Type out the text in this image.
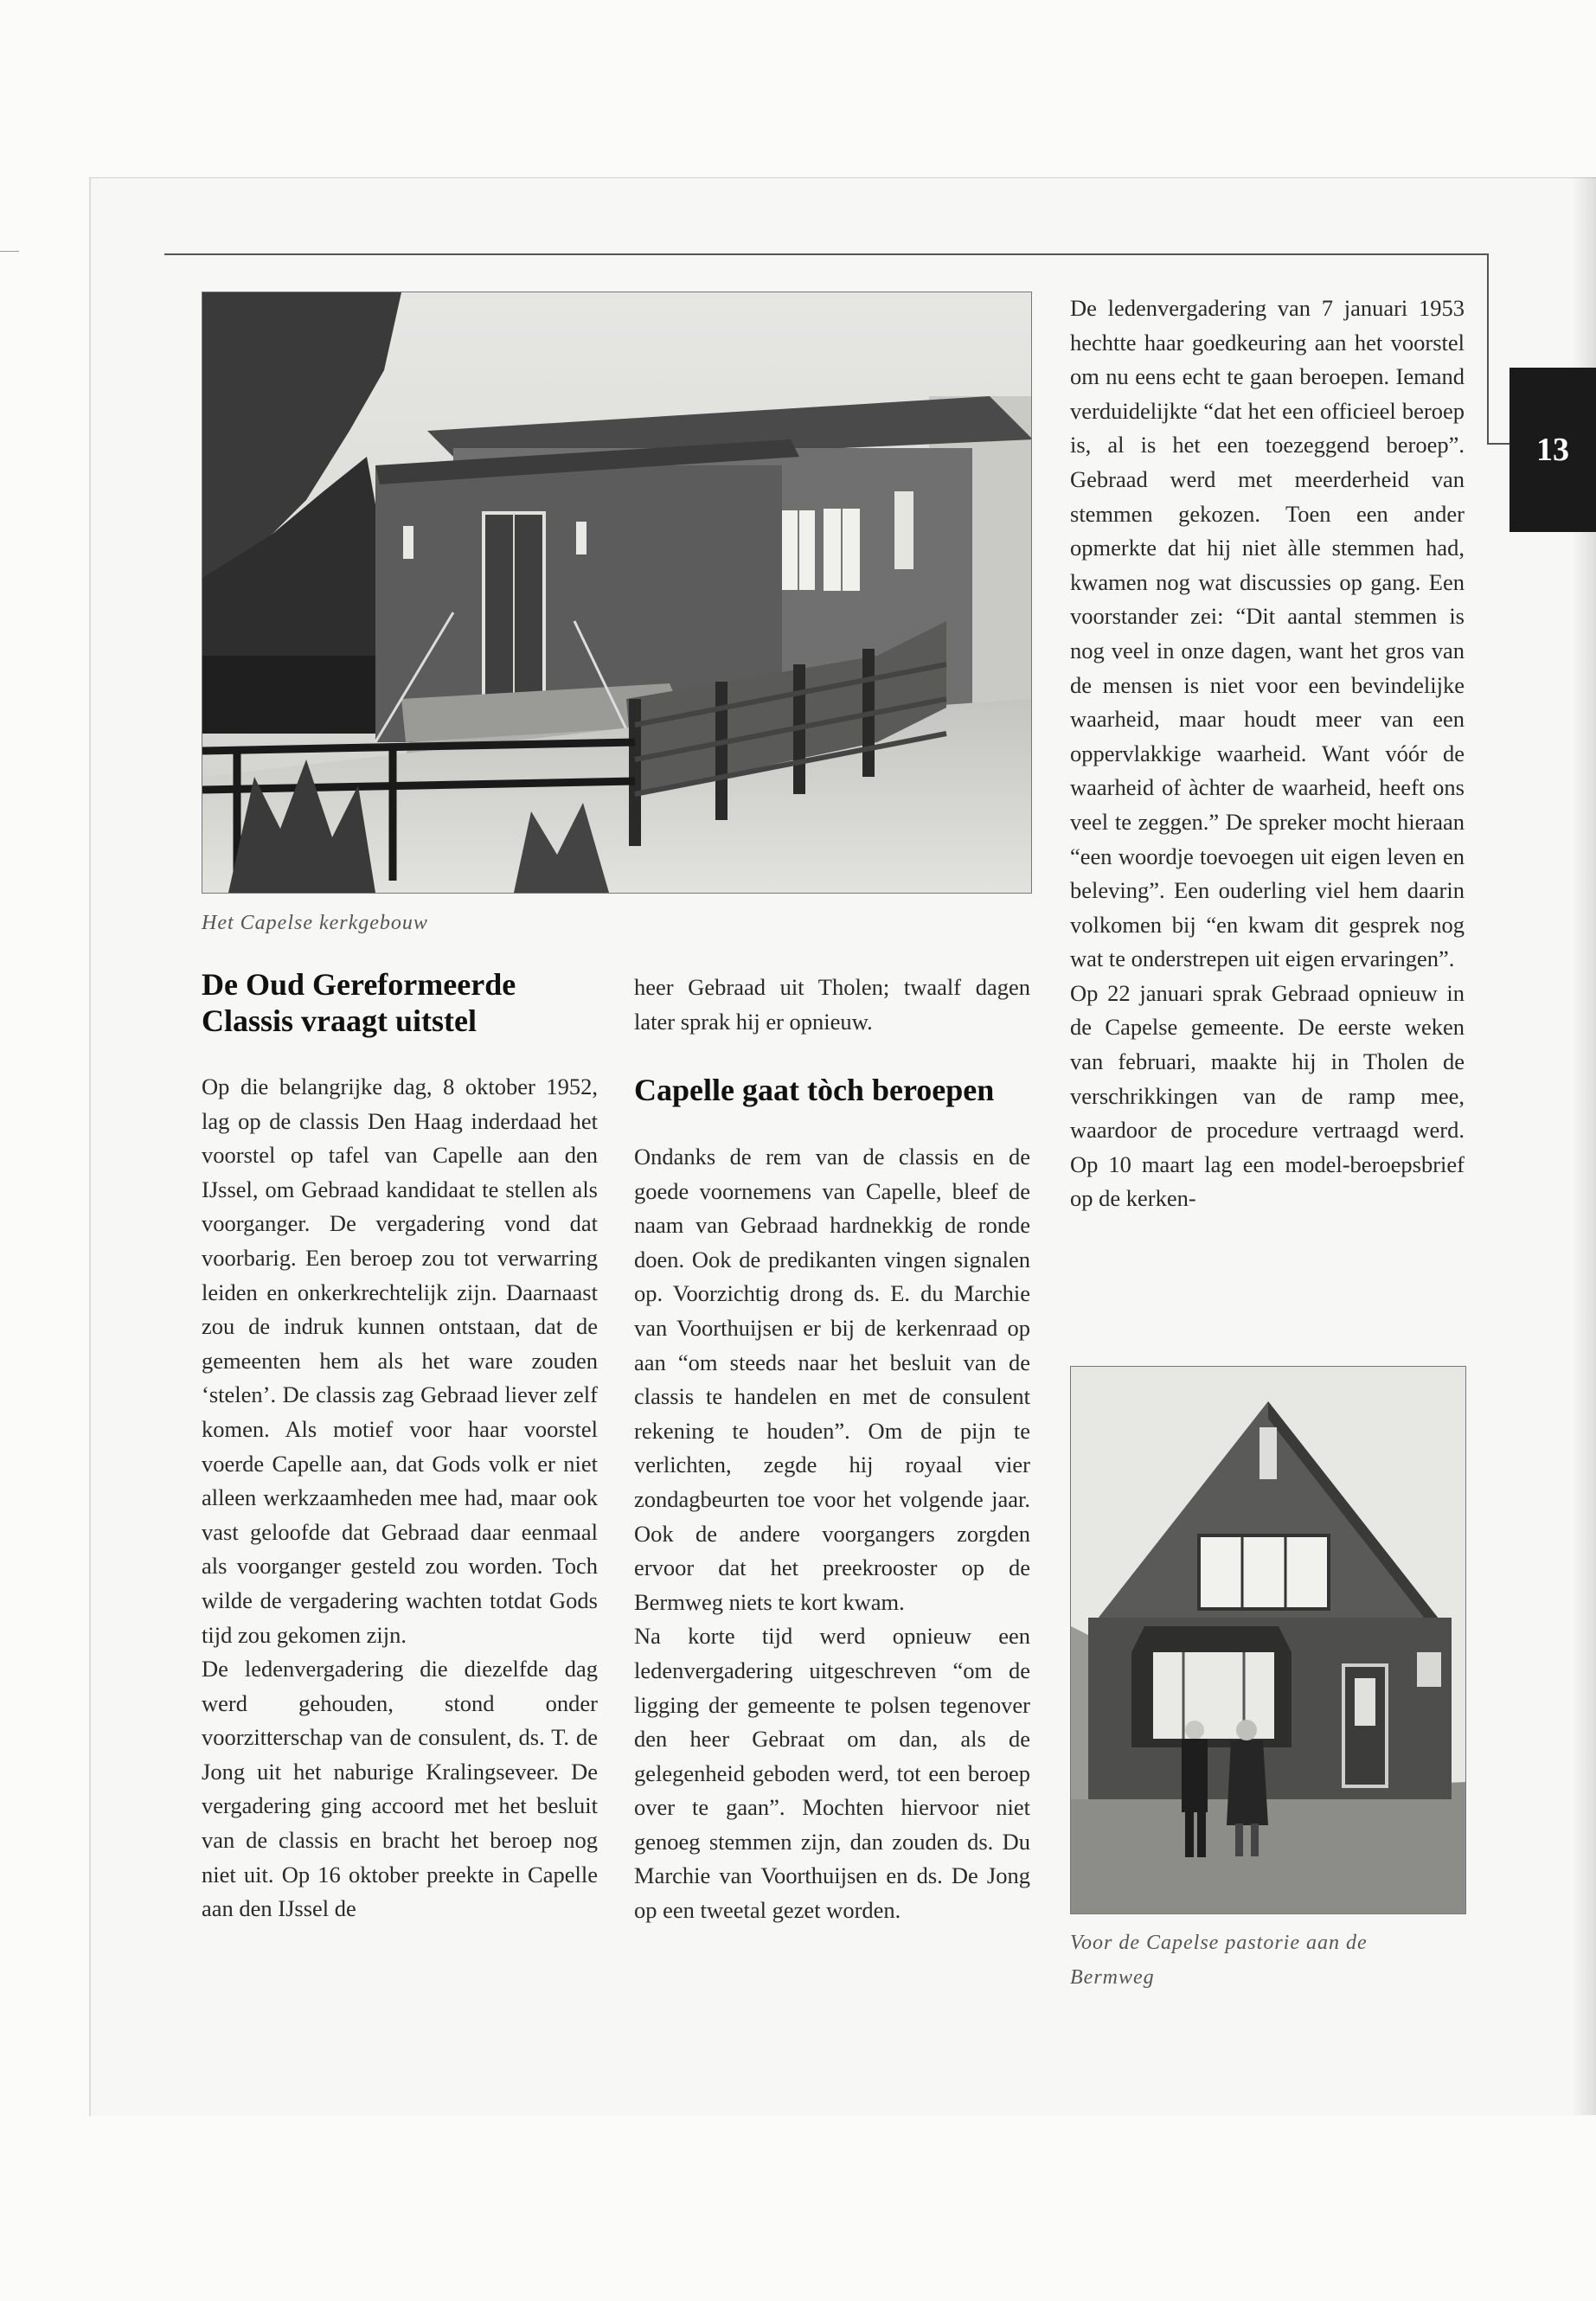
13
Het Capelse kerkgebouw
Voor de Capelse pastorie aan de Bermweg
De Oud Gereformeerde Classis vraagt uitstel

Op die belangrijke dag, 8 oktober 1952, lag op de classis Den Haag inderdaad het voorstel op tafel van Capelle aan den IJssel, om Gebraad kandidaat te stellen als voorganger. De vergadering vond dat voorbarig. Een beroep zou tot verwarring leiden en onkerkrechtelijk zijn. Daarnaast zou de indruk kunnen ontstaan, dat de gemeenten hem als het ware zouden ‘stelen’. De classis zag Gebraad liever zelf komen. Als motief voor haar voorstel voerde Capelle aan, dat Gods volk er niet alleen werkzaamheden mee had, maar ook vast geloofde dat Gebraad daar eenmaal als voorganger gesteld zou worden. Toch wilde de vergadering wachten totdat Gods tijd zou gekomen zijn.

De ledenvergadering die diezelfde dag werd gehouden, stond onder voorzitterschap van de consulent, ds. T. de Jong uit het naburige Kralingseveer. De vergadering ging accoord met het besluit van de classis en bracht het beroep nog niet uit. Op 16 oktober preekte in Capelle aan den IJssel de

heer Gebraad uit Tholen; twaalf dagen later sprak hij er opnieuw.

Capelle gaat tòch beroepen

Ondanks de rem van de classis en de goede voornemens van Capelle, bleef de naam van Gebraad hardnekkig de ronde doen. Ook de predikanten vingen signalen op. Voorzichtig drong ds. E. du Marchie van Voorthuijsen er bij de kerkenraad op aan “om steeds naar het besluit van de classis te handelen en met de consulent rekening te houden”. Om de pijn te verlichten, zegde hij royaal vier zondagbeurten toe voor het volgende jaar. Ook de andere voorgangers zorgden ervoor dat het preekrooster op de Bermweg niets te kort kwam.

Na korte tijd werd opnieuw een ledenvergadering uitgeschreven “om de ligging der gemeente te polsen tegenover den heer Gebraat om dan, als de gelegenheid geboden werd, tot een beroep over te gaan”. Mochten hiervoor niet genoeg stemmen zijn, dan zouden ds. Du Marchie van Voorthuijsen en ds. De Jong op een tweetal gezet worden.

De ledenvergadering van 7 januari 1953 hechtte haar goedkeuring aan het voorstel om nu eens echt te gaan beroepen. Iemand verduidelijkte “dat het een officieel beroep is, al is het een toezeggend beroep”. Gebraad werd met meerderheid van stemmen gekozen. Toen een ander opmerkte dat hij niet àlle stemmen had, kwamen nog wat discussies op gang. Een voorstander zei: “Dit aantal stemmen is nog veel in onze dagen, want het gros van de mensen is niet voor een bevindelijke waarheid, maar houdt meer van een oppervlakkige waarheid. Want vóór de waarheid of àchter de waarheid, heeft ons veel te zeggen.” De spreker mocht hieraan “een woordje toevoegen uit eigen leven en beleving”. Een ouderling viel hem daarin volkomen bij “en kwam dit gesprek nog wat te onderstrepen uit eigen ervaringen”.

Op 22 januari sprak Gebraad opnieuw in de Capelse gemeente. De eerste weken van februari, maakte hij in Tholen de verschrikkingen van de ramp mee, waardoor de procedure vertraagd werd. Op 10 maart lag een model-beroepsbrief op de kerken-
